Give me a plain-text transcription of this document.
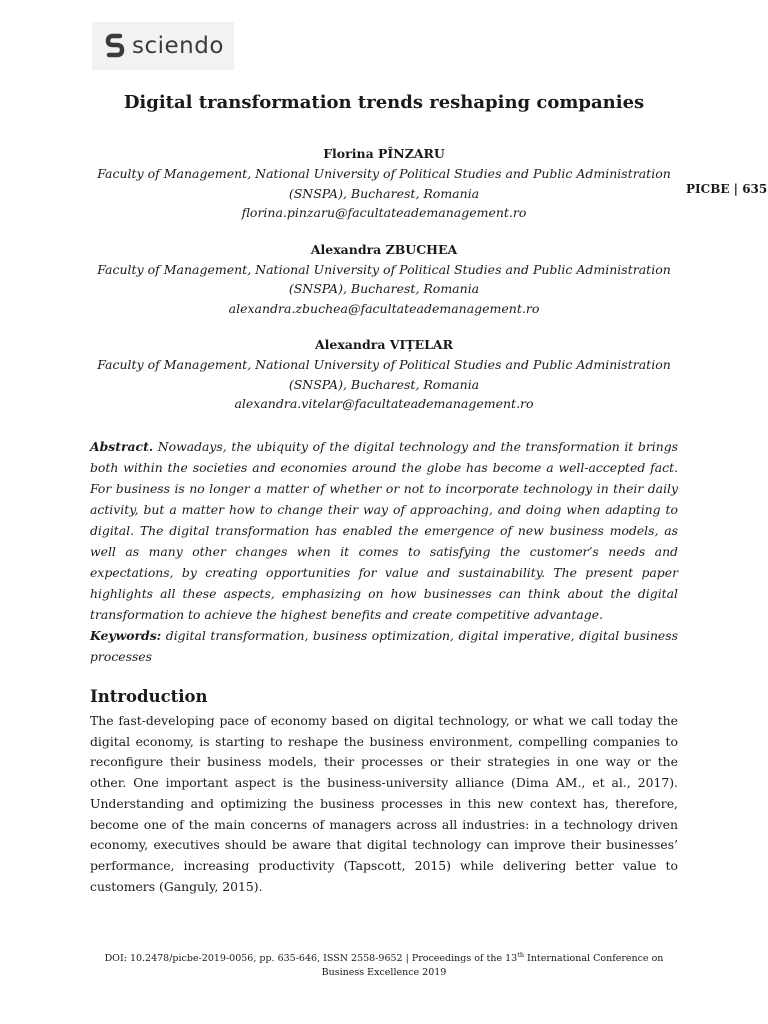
sciendo
Digital transformation trends reshaping companies
PICBE | 635
Florina PÎNZARU
Faculty of Management, National University of Political Studies and Public Administration
(SNSPA), Bucharest, Romania
florina.pinzaru@facultateademanagement.ro
Alexandra ZBUCHEA
Faculty of Management, National University of Political Studies and Public Administration
(SNSPA), Bucharest, Romania
alexandra.zbuchea@facultateademanagement.ro
Alexandra VIȚELAR
Faculty of Management, National University of Political Studies and Public Administration
(SNSPA), Bucharest, Romania
alexandra.vitelar@facultateademanagement.ro

Abstract. Nowadays, the ubiquity of the digital technology and the transformation it brings both within the societies and economies around the globe has become a well-accepted fact. For business is no longer a matter of whether or not to incorporate technology in their daily activity, but a matter how to change their way of approaching, and doing when adapting to digital. The digital transformation has enabled the emergence of new business models, as well as many other changes when it comes to satisfying the customer’s needs and expectations, by creating opportunities for value and sustainability. The present paper highlights all these aspects, emphasizing on how businesses can think about the digital transformation to achieve the highest benefits and create competitive advantage.

Keywords: digital transformation, business optimization, digital imperative, digital business processes

Introduction

The fast-developing pace of economy based on digital technology, or what we call today the digital economy, is starting to reshape the business environment, compelling companies to reconfigure their business models, their processes or their strategies in one way or the other. One important aspect is the business-university alliance (Dima AM., et al., 2017). Understanding and optimizing the business processes in this new context has, therefore, become one of the main concerns of managers across all industries: in a technology driven economy, executives should be aware that digital technology can improve their businesses’ performance, increasing productivity (Tapscott, 2015) while delivering better value to customers (Ganguly, 2015).

DOI: 10.2478/picbe-2019-0056, pp. 635-646, ISSN 2558-9652 | Proceedings of the 13th International Conference on
Business Excellence 2019
